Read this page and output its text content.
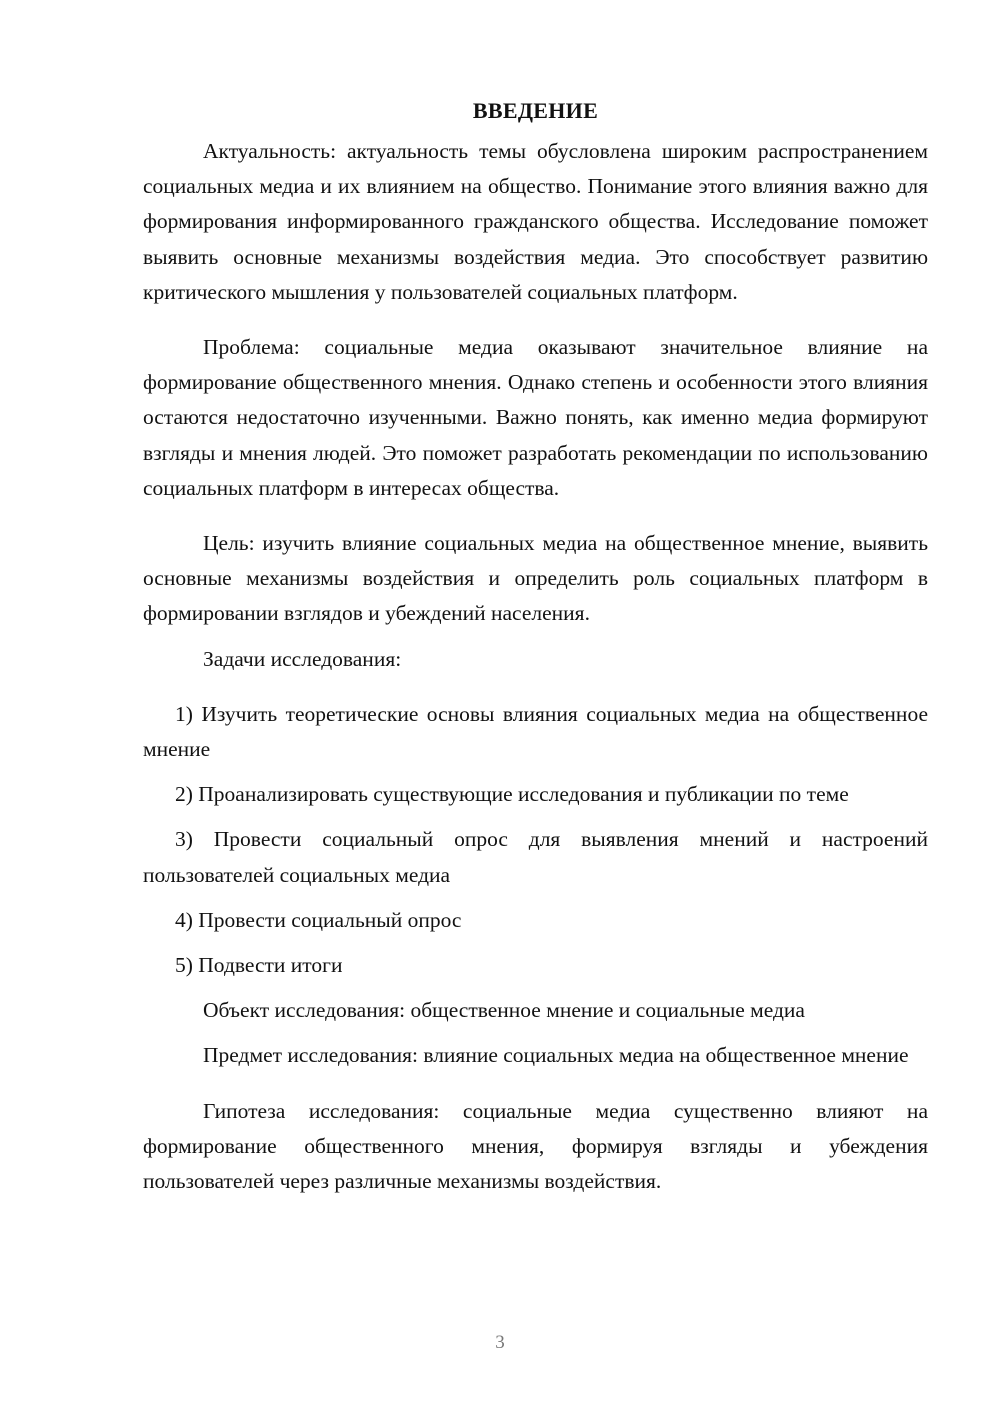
ВВЕДЕНИЕ

Актуальность: актуальность темы обусловлена широким распространением социальных медиа и их влиянием на общество. Понимание этого влияния важно для формирования информированного гражданского общества. Исследование поможет выявить основные механизмы воздействия медиа. Это способствует развитию критического мышления у пользователей социальных платформ.

Проблема: социальные медиа оказывают значительное влияние на формирование общественного мнения. Однако степень и особенности этого влияния остаются недостаточно изученными. Важно понять, как именно медиа формируют взгляды и мнения людей. Это поможет разработать рекомендации по использованию социальных платформ в интересах общества.

Цель: изучить влияние социальных медиа на общественное мнение, выявить основные механизмы воздействия и определить роль социальных платформ в формировании взглядов и убеждений населения.

Задачи исследования:

1) Изучить теоретические основы влияния социальных медиа на общественное мнение

2) Проанализировать существующие исследования и публикации по теме

3) Провести социальный опрос для выявления мнений и настроений пользователей социальных медиа

4) Провести социальный опрос

5) Подвести итоги

Объект исследования: общественное мнение и социальные медиа

Предмет исследования: влияние социальных медиа на общественное мнение

Гипотеза исследования: социальные медиа существенно влияют на формирование общественного мнения, формируя взгляды и убеждения пользователей через различные механизмы воздействия.

3
